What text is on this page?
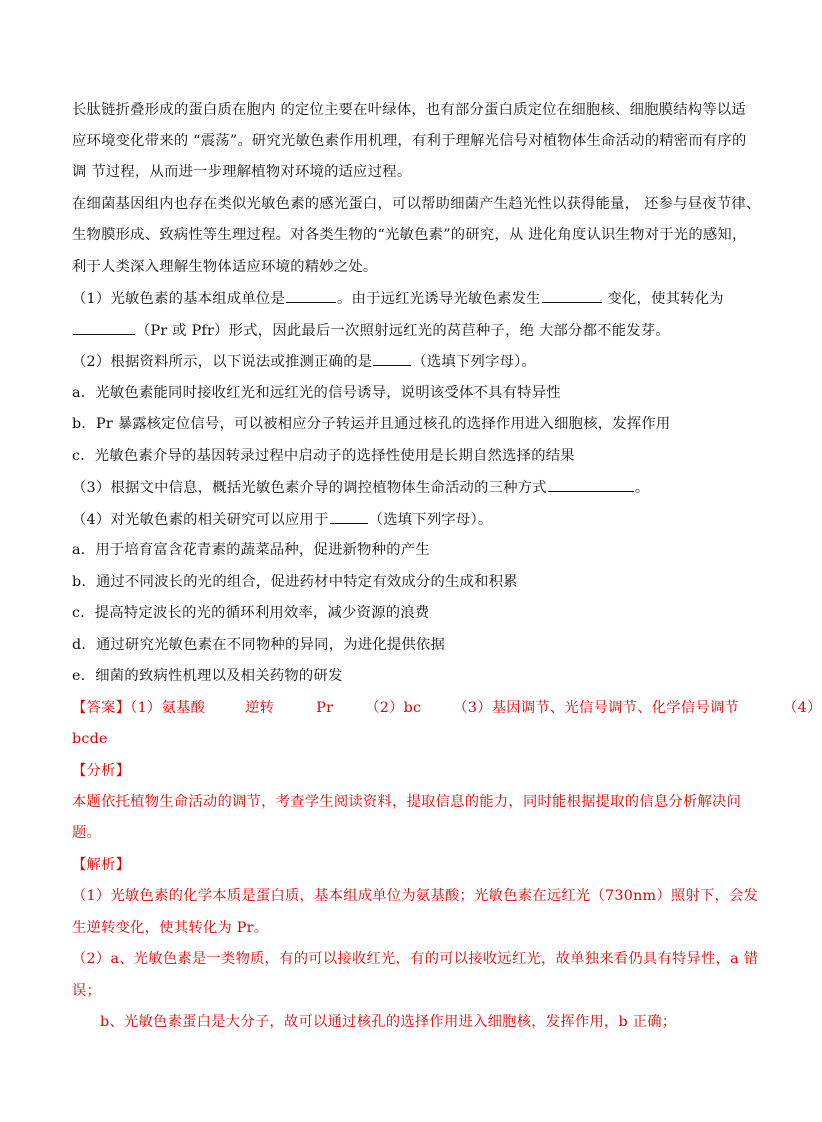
长肽链折叠形成的蛋白质在胞内 的定位主要在叶绿体，也有部分蛋白质定位在细胞核、细胞膜结构等以适
应环境变化带来的 “震荡”。研究光敏色素作用机理，有利于理解光信号对植物体生命活动的精密而有序的
调 节过程，从而进一步理解植物对环境的适应过程。
在细菌基因组内也存在类似光敏色素的感光蛋白，可以帮助细菌产生趋光性以获得能量， 还参与昼夜节律、
生物膜形成、致病性等生理过程。对各类生物的“光敏色素”的研究，从 进化角度认识生物对于光的感知，
利于人类深入理解生物体适应环境的精妙之处。
（1）光敏色素的基本组成单位是	。由于远红光诱导光敏色素发生	变化，使其转化为
（Pr 或 Pfr）形式，因此最后一次照射远红光的莴苣种子，绝 大部分都不能发芽。
（2）根据资料所示，以下说法或推测正确的是	（选填下列字母）。
a．光敏色素能同时接收红光和远红光的信号诱导，说明该受体不具有特异性
b．Pr 暴露核定位信号，可以被相应分子转运并且通过核孔的选择作用进入细胞核，发挥作用
c．光敏色素介导的基因转录过程中启动子的选择性使用是长期自然选择的结果
（3）根据文中信息，概括光敏色素介导的调控植物体生命活动的三种方式	。
（4）对光敏色素的相关研究可以应用于	（选填下列字母）。
a．用于培育富含花青素的蔬菜品种，促进新物种的产生
b．通过不同波长的光的组合，促进药材中特定有效成分的生成和积累
c．提高特定波长的光的循环利用效率，减少资源的浪费
d．通过研究光敏色素在不同物种的异同，为进化提供依据
e．细菌的致病性机理以及相关药物的研发
【答案】（1）氨基酸	逆转	Pr （2）bc （3）基因调节、光信号调节、化学信号调节	（4）
bcde
【分析】
本题依托植物生命活动的调节，考查学生阅读资料，提取信息的能力，同时能根据提取的信息分析解决问
题。
【解析】
（1）光敏色素的化学本质是蛋白质，基本组成单位为氨基酸；光敏色素在远红光（730nm）照射下，会发
生逆转变化，使其转化为 Pr。
（2）a、光敏色素是一类物质，有的可以接收红光，有的可以接收远红光，故单独来看仍具有特异性，a 错
误；
b、光敏色素蛋白是大分子，故可以通过核孔的选择作用进入细胞核，发挥作用，b 正确；
